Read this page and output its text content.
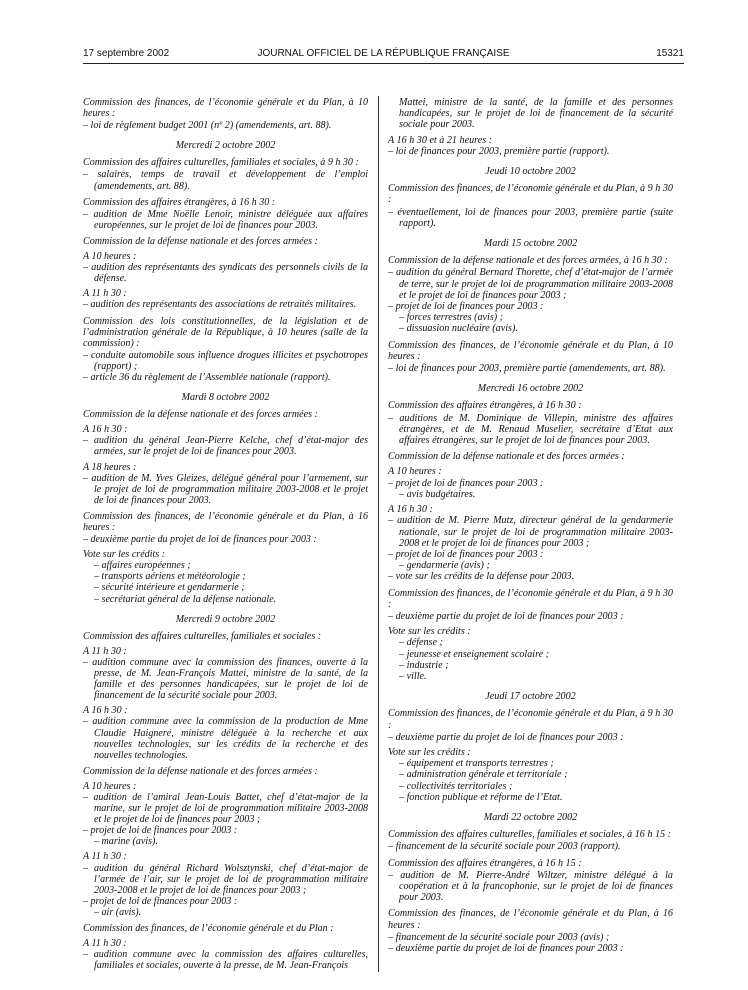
17 septembre 2002	JOURNAL OFFICIEL DE LA RÉPUBLIQUE FRANÇAISE	15321
Commission des finances, de l’économie générale et du Plan, à 10 heures :
– loi de règlement budget 2001 (nº 2) (amendements, art. 88).
Mercredi 2 octobre 2002
Commission des affaires culturelles, familiales et sociales, à 9 h 30 :
– salaires, temps de travail et développement de l’emploi (amendements, art. 88).
Commission des affaires étrangères, à 16 h 30 :
– audition de Mme Noëlle Lenoir, ministre déléguée aux affaires européennes, sur le projet de loi de finances pour 2003.
Commission de la défense nationale et des forces armées :
A 10 heures :
– audition des représentants des syndicats des personnels civils de la défense.
A 11 h 30 :
– audition des représentants des associations de retraités militaires.
Commission des lois constitutionnelles, de la législation et de l’administration générale de la République, à 10 heures (salle de la commission) :
– conduite automobile sous influence drogues illicites et psychotropes (rapport) ;
– article 36 du règlement de l’Assemblée nationale (rapport).
Mardi 8 octobre 2002
Commission de la défense nationale et des forces armées :
A 16 h 30 :
– audition du général Jean-Pierre Kelche, chef d’état-major des armées, sur le projet de loi de finances pour 2003.
A 18 heures :
– audition de M. Yves Gleizes, délégué général pour l’armement, sur le projet de loi de programmation militaire 2003-2008 et le projet de loi de finances pour 2003.
Commission des finances, de l’économie générale et du Plan, à 16 heures :
– deuxième partie du projet de loi de finances pour 2003 :
Vote sur les crédits :
– affaires européennes ;
– transports aériens et météorologie ;
– sécurité intérieure et gendarmerie ;
– secrétariat général de la défense nationale.
Mercredi 9 octobre 2002
Commission des affaires culturelles, familiales et sociales :
A 11 h 30 :
– audition commune avec la commission des finances, ouverte à la presse, de M. Jean-François Mattei, ministre de la santé, de la famille et des personnes handicapées, sur le projet de loi de financement de la sécurité sociale pour 2003.
A 16 h 30 :
– audition commune avec la commission de la production de Mme Claudie Haigneré, ministre déléguée à la recherche et aux nouvelles technologies, sur les crédits de la recherche et des nouvelles technologies.
Commission de la défense nationale et des forces armées :
A 10 heures :
– audition de l’amiral Jean-Louis Battet, chef d’état-major de la marine, sur le projet de loi de programmation militaire 2003-2008 et le projet de loi de finances pour 2003 ;
– projet de loi de finances pour 2003 :
– marine (avis).
A 11 h 30 :
– audition du général Richard Wolsztynski, chef d’état-major de l’armée de l’air, sur le projet de loi de programmation militaire 2003-2008 et le projet de loi de finances pour 2003 ;
– projet de loi de finances pour 2003 :
– air (avis).
Commission des finances, de l’économie générale et du Plan :
A 11 h 30 :
– audition commune avec la commission des affaires culturelles, familiales et sociales, ouverte à la presse, de M. Jean-François
Mattei, ministre de la santé, de la famille et des personnes handicapées, sur le projet de loi de financement de la sécurité sociale pour 2003.
A 16 h 30 et à 21 heures :
– loi de finances pour 2003, première partie (rapport).
Jeudi 10 octobre 2002
Commission des finances, de l’économie générale et du Plan, à 9 h 30 :
– éventuellement, loi de finances pour 2003, première partie (suite rapport).
Mardi 15 octobre 2002
Commission de la défense nationale et des forces armées, à 16 h 30 :
– audition du général Bernard Thorette, chef d’état-major de l’armée de terre, sur le projet de loi de programmation militaire 2003-2008 et le projet de loi de finances pour 2003 ;
– projet de loi de finances pour 2003 :
– forces terrestres (avis) ;
– dissuasion nucléaire (avis).
Commission des finances, de l’économie générale et du Plan, à 10 heures :
– loi de finances pour 2003, première partie (amendements, art. 88).
Mercredi 16 octobre 2002
Commission des affaires étrangères, à 16 h 30 :
– auditions de M. Dominique de Villepin, ministre des affaires étrangères, et de M. Renaud Muselier, secrétaire d’Etat aux affaires étrangères, sur le projet de loi de finances pour 2003.
Commission de la défense nationale et des forces armées :
A 10 heures :
– projet de loi de finances pour 2003 :
– avis budgétaires.
A 16 h 30 :
– audition de M. Pierre Mutz, directeur général de la gendarmerie nationale, sur le projet de loi de programmation militaire 2003-2008 et le projet de loi de finances pour 2003 ;
– projet de loi de finances pour 2003 :
– gendarmerie (avis) ;
– vote sur les crédits de la défense pour 2003.
Commission des finances, de l’économie générale et du Plan, à 9 h 30 :
– deuxième partie du projet de loi de finances pour 2003 :
Vote sur les crédits :
– défense ;
– jeunesse et enseignement scolaire ;
– industrie ;
– ville.
Jeudi 17 octobre 2002
Commission des finances, de l’économie générale et du Plan, à 9 h 30 :
– deuxième partie du projet de loi de finances pour 2003 :
Vote sur les crédits :
– équipement et transports terrestres ;
– administration générale et territoriale ;
– collectivités territoriales ;
– fonction publique et réforme de l’Etat.
Mardi 22 octobre 2002
Commission des affaires culturelles, familiales et sociales, à 16 h 15 :
– financement de la sécurité sociale pour 2003 (rapport).
Commission des affaires étrangères, à 16 h 15 :
– audition de M. Pierre-André Wiltzer, ministre délégué à la coopération et à la francophonie, sur le projet de loi de finances pour 2003.
Commission des finances, de l’économie générale et du Plan, à 16 heures :
– financement de la sécurité sociale pour 2003 (avis) ;
– deuxième partie du projet de loi de finances pour 2003 :
